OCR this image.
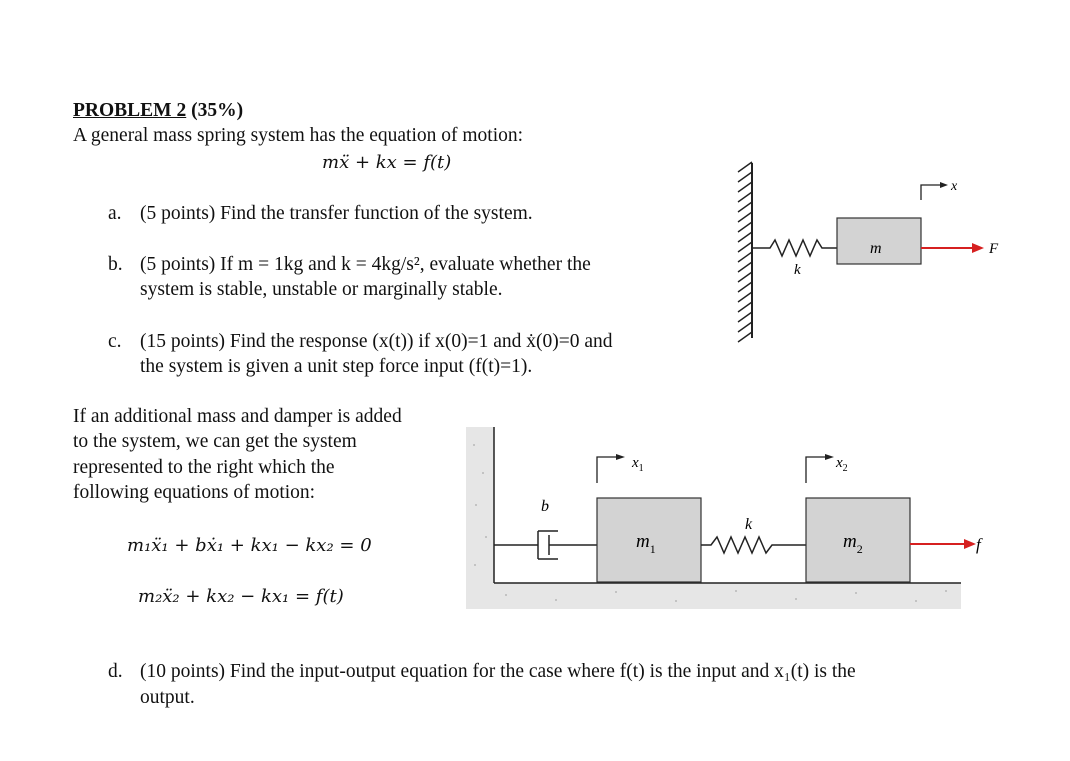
PROBLEM 2 (35%)
A general mass spring system has the equation of motion:
mẍ + kx = f(t)
a. (5 points) Find the transfer function of the system.
b. (5 points) If m = 1kg and k = 4kg/s², evaluate whether the
system is stable, unstable or marginally stable.
c. (15 points) Find the response (x(t)) if x(0)=1 and ẋ(0)=0 and
the system is given a unit step force input (f(t)=1).
If an additional mass and damper is added
to the system, we can get the system
represented to the right which the
following equations of motion:
m₁ẍ₁ + bẋ₁ + kx₁ − kx₂ = 0
m₂ẍ₂ + kx₂ − kx₁ = f(t)
d. (10 points) Find the input-output equation for the case where f(t) is the input and x₁(t) is the
output.
k
m	F
x
b
$m_1$
k
$m_2$	f
$x_1$	$x_2$
